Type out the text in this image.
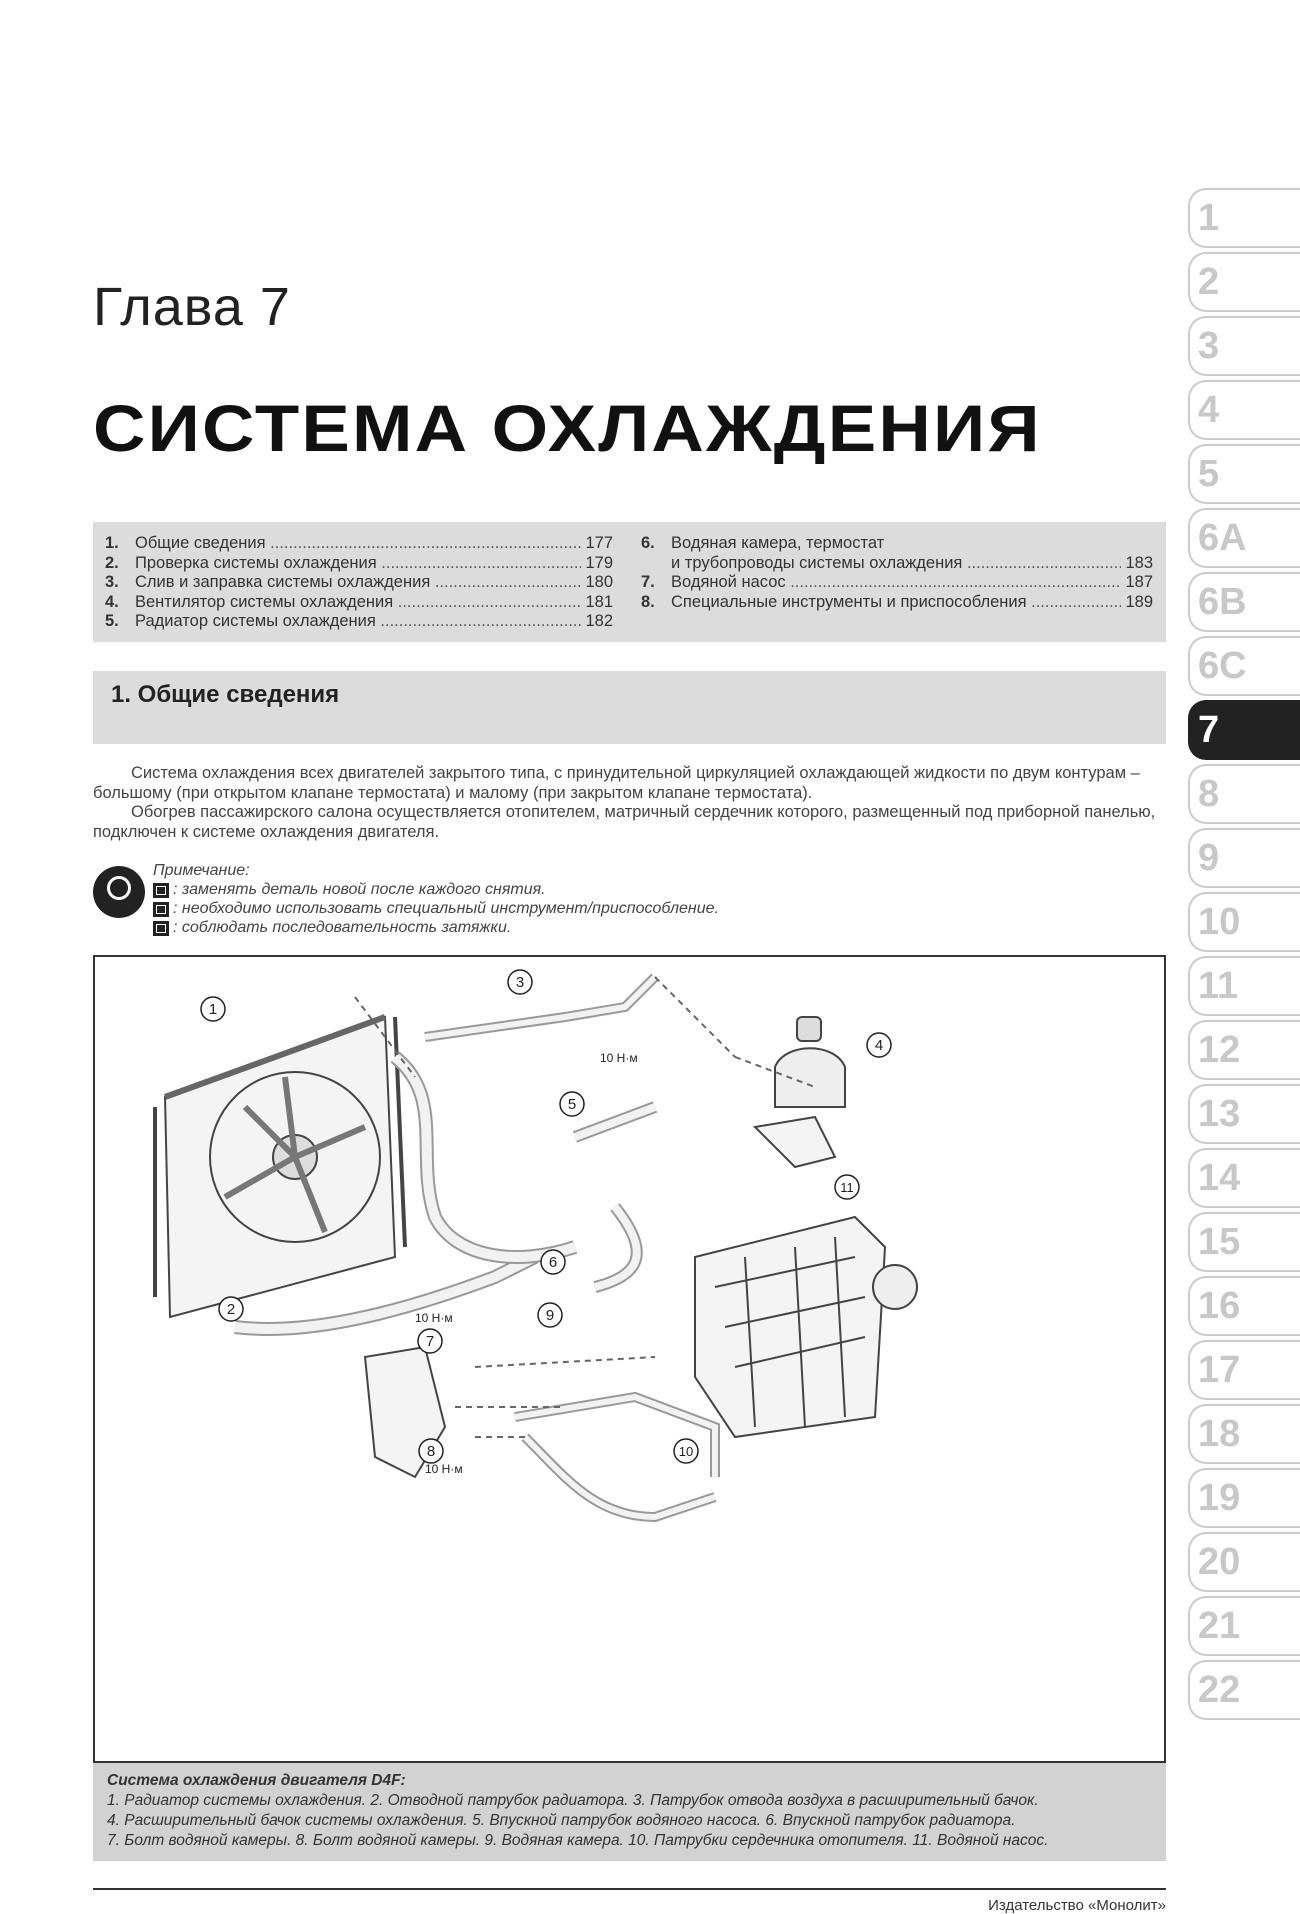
Глава 7
СИСТЕМА ОХЛАЖДЕНИЯ
1
2
3
4
5
6A
6B
6C
7
8
9
10
11
12
13
14
15
16
17
18
19
20
21
22
1. Общие сведения .....	177
2. Проверка системы охлаждения .....	179
3. Слив и заправка системы охлаждения .....	180
4. Вентилятор системы охлаждения .....	181
5. Радиатор системы охлаждения .....	182
6. Водяная камера, термостат
и трубопроводы системы охлаждения .....	183
7. Водяной насос .....	187
8. Специальные инструменты и приспособления .....	189
1. Общие сведения
Система охлаждения всех двигателей закрытого типа, с принудительной циркуляцией охлаждающей жидкости по двум контурам – большому (при открытом клапане термостата) и малому (при закрытом клапане термостата).
Обогрев пассажирского салона осуществляется отопителем, матричный сердечник которого, размещенный под приборной панелью, подключен к системе охлаждения двигателя.
Примечание:
: заменять деталь новой после каждого снятия.
: необходимо использовать специальный инструмент/приспособление.
: соблюдать последовательность затяжки.
1
2
3
4
5
6
7
8
9
10
11
10 Н·м
10 Н·м
10 Н·м
Система охлаждения двигателя D4F:
1. Радиатор системы охлаждения. 2. Отводной патрубок радиатора. 3. Патрубок отвода воздуха в расширительный бачок.
4. Расширительный бачок системы охлаждения. 5. Впускной патрубок водяного насоса. 6. Впускной патрубок радиатора.
7. Болт водяной камеры. 8. Болт водяной камеры. 9. Водяная камера. 10. Патрубки сердечника отопителя. 11. Водяной насос.
Издательство «Монолит»
